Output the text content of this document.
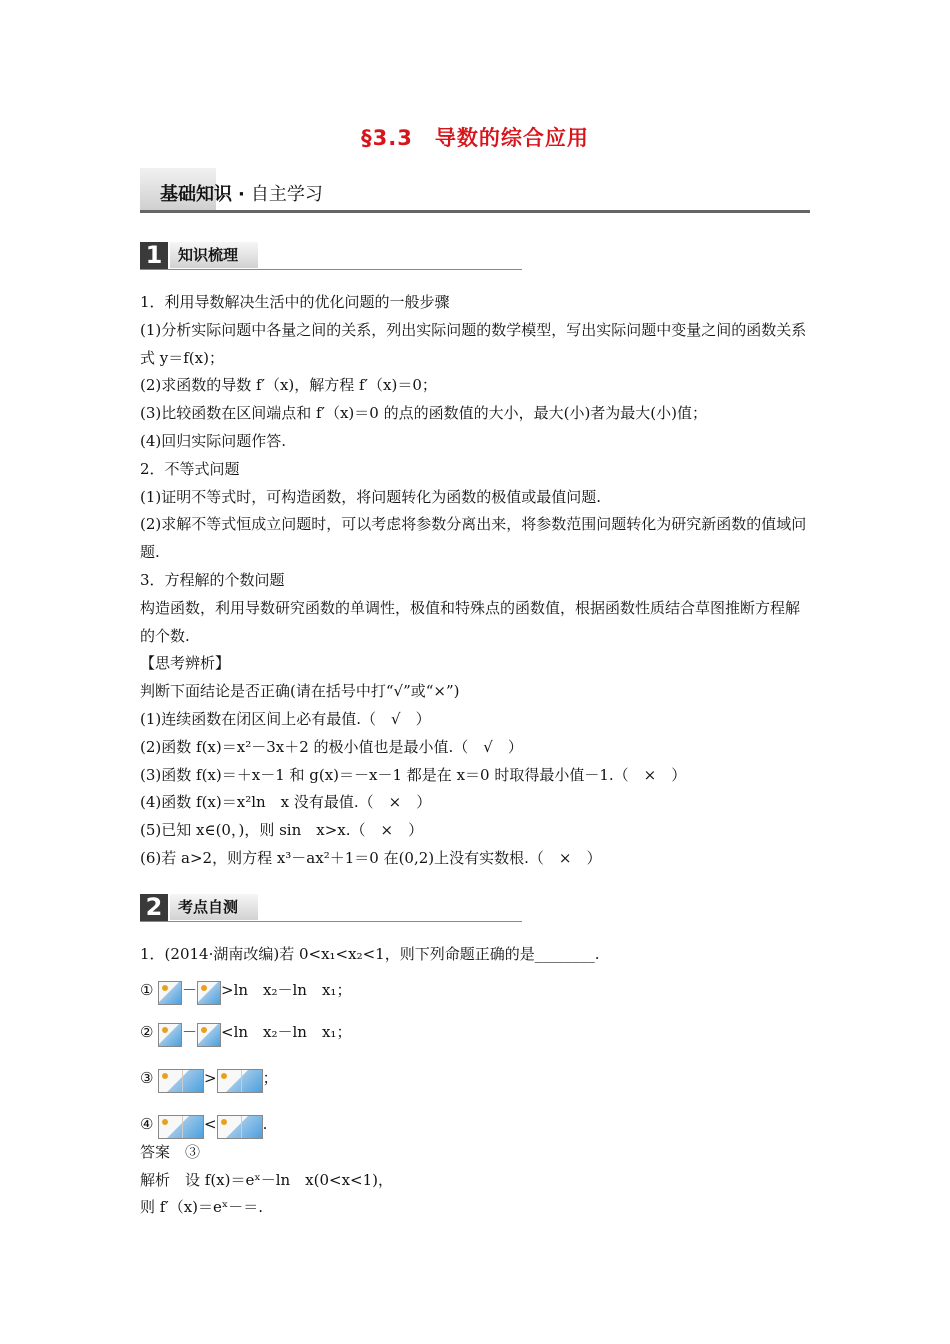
§3.3　导数的综合应用
基础知识 · 自主学习
1	知识梳理

1．利用导数解决生活中的优化问题的一般步骤

(1)分析实际问题中各量之间的关系，列出实际问题的数学模型，写出实际问题中变量之间的函数关系式 y＝f(x)；

(2)求函数的导数 f′（x)，解方程 f′（x)＝0；

(3)比较函数在区间端点和 f′（x)＝0 的点的函数值的大小，最大(小)者为最大(小)值；

(4)回归实际问题作答.

2．不等式问题

(1)证明不等式时，可构造函数，将问题转化为函数的极值或最值问题.

(2)求解不等式恒成立问题时，可以考虑将参数分离出来，将参数范围问题转化为研究新函数的值域问题.

3．方程解的个数问题

构造函数，利用导数研究函数的单调性，极值和特殊点的函数值，根据函数性质结合草图推断方程解的个数.

【思考辨析】

判断下面结论是否正确(请在括号中打“√”或“×”)

(1)连续函数在闭区间上必有最值.（　√　）

(2)函数 f(x)＝x²－3x＋2 的极小值也是最小值.（　√　）

(3)函数 f(x)＝＋x－1 和 g(x)＝－x－1 都是在 x＝0 时取得最小值－1.（　×　）

(4)函数 f(x)＝x²ln　x 没有最值.（　×　）

(5)已知 x∈(0，)，则 sin　x>x.（　×　）

(6)若 a>2，则方程 x³－ax²＋1＝0 在(0,2)上没有实数根.（　×　）

2	考点自测

1．(2014·湖南改编)若 0<x₁<x₂<1，则下列命题正确的是________.

①	－ >ln　x₂－ln　x₁；
②	－ <ln　x₂－ln　x₁；
③	>	；
④	<	.

答案　③

解析　设 f(x)＝eˣ－ln　x(0<x<1)，

则 f′（x)＝eˣ－＝.
